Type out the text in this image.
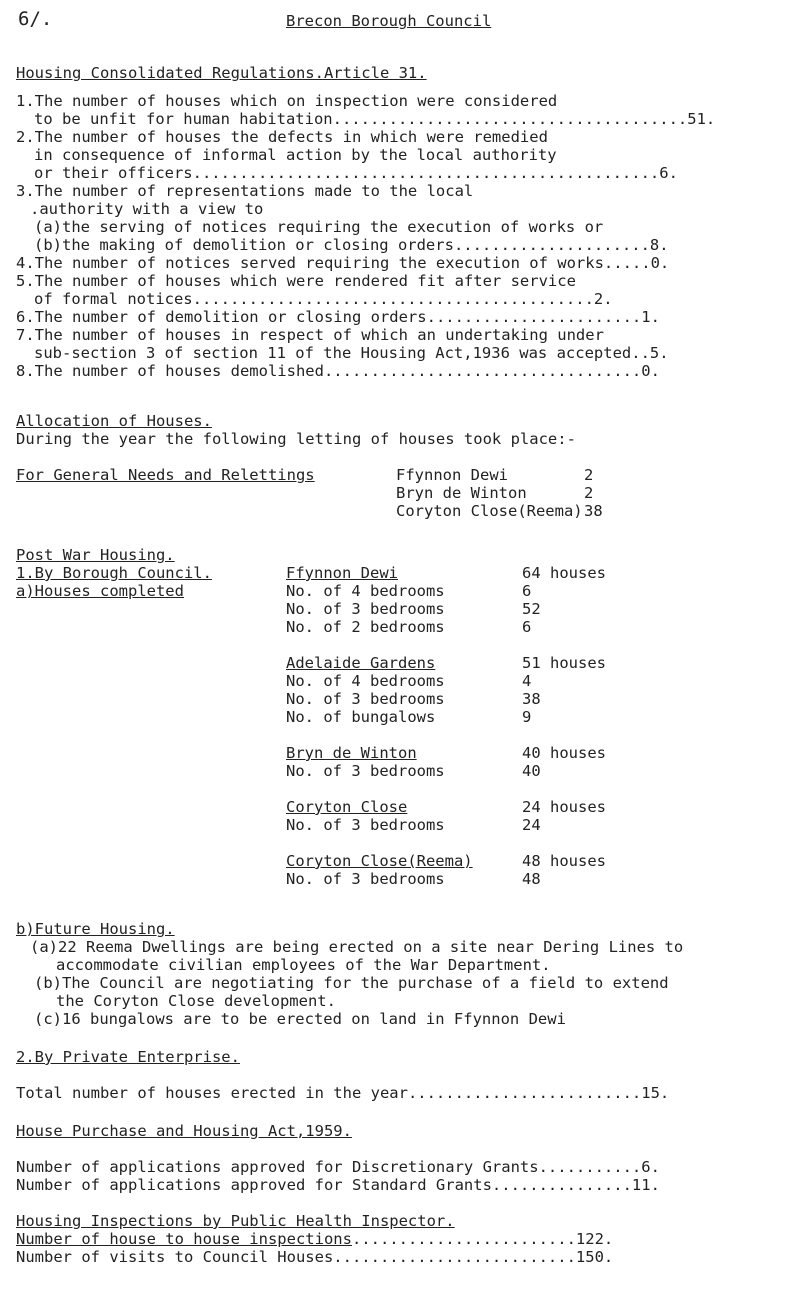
6/.	Brecon Borough Council
Housing Consolidated Regulations.Article 31.
1.The number of houses which on inspection were considered
to be unfit for human habitation......................................51.
2.The number of houses the defects in which were remedied
in consequence of informal action by the local authority
or their officers..................................................6.
3.The number of representations made to the local
.authority with a view to
(a)the serving of notices requiring the execution of works or
(b)the making of demolition or closing orders.....................8.
4.The number of notices served requiring the execution of works.....0.
5.The number of houses which were rendered fit after service
of formal notices...........................................2.
6.The number of demolition or closing orders.......................1.
7.The number of houses in respect of which an undertaking under
sub-section 3 of section 11 of the Housing Act,1936 was accepted..5.
8.The number of houses demolished..................................0.
Allocation of Houses.
During the year the following letting of houses took place:-
For General Needs and Relettings	Ffynnon Dewi	2
Bryn de Winton	2
Coryton Close(Reema) 38
Post War Housing.
1.By Borough Council.
a)Houses completed
Ffynnon Dewi	64 houses
No. of 4 bedrooms	6
No. of 3 bedrooms	52
No. of 2 bedrooms	6
Adelaide Gardens	51 houses
No. of 4 bedrooms	4
No. of 3 bedrooms	38
No. of bungalows	9
Bryn de Winton	40 houses
No. of 3 bedrooms	40
Coryton Close	24 houses
No. of 3 bedrooms	24
Coryton Close(Reema)	48 houses
No. of 3 bedrooms	48
b)Future Housing.
(a)22 Reema Dwellings are being erected on a site near Dering Lines to
accommodate civilian employees of the War Department.
(b)The Council are negotiating for the purchase of a field to extend
the Coryton Close development.
(c)16 bungalows are to be erected on land in Ffynnon Dewi
2.By Private Enterprise.
Total number of houses erected in the year.........................15.
House Purchase and Housing Act,1959.
Number of applications approved for Discretionary Grants...........6.
Number of applications approved for Standard Grants...............11.
Housing Inspections by Public Health Inspector.
Number of house to house inspections........................122.
Number of visits to Council Houses..........................150.
